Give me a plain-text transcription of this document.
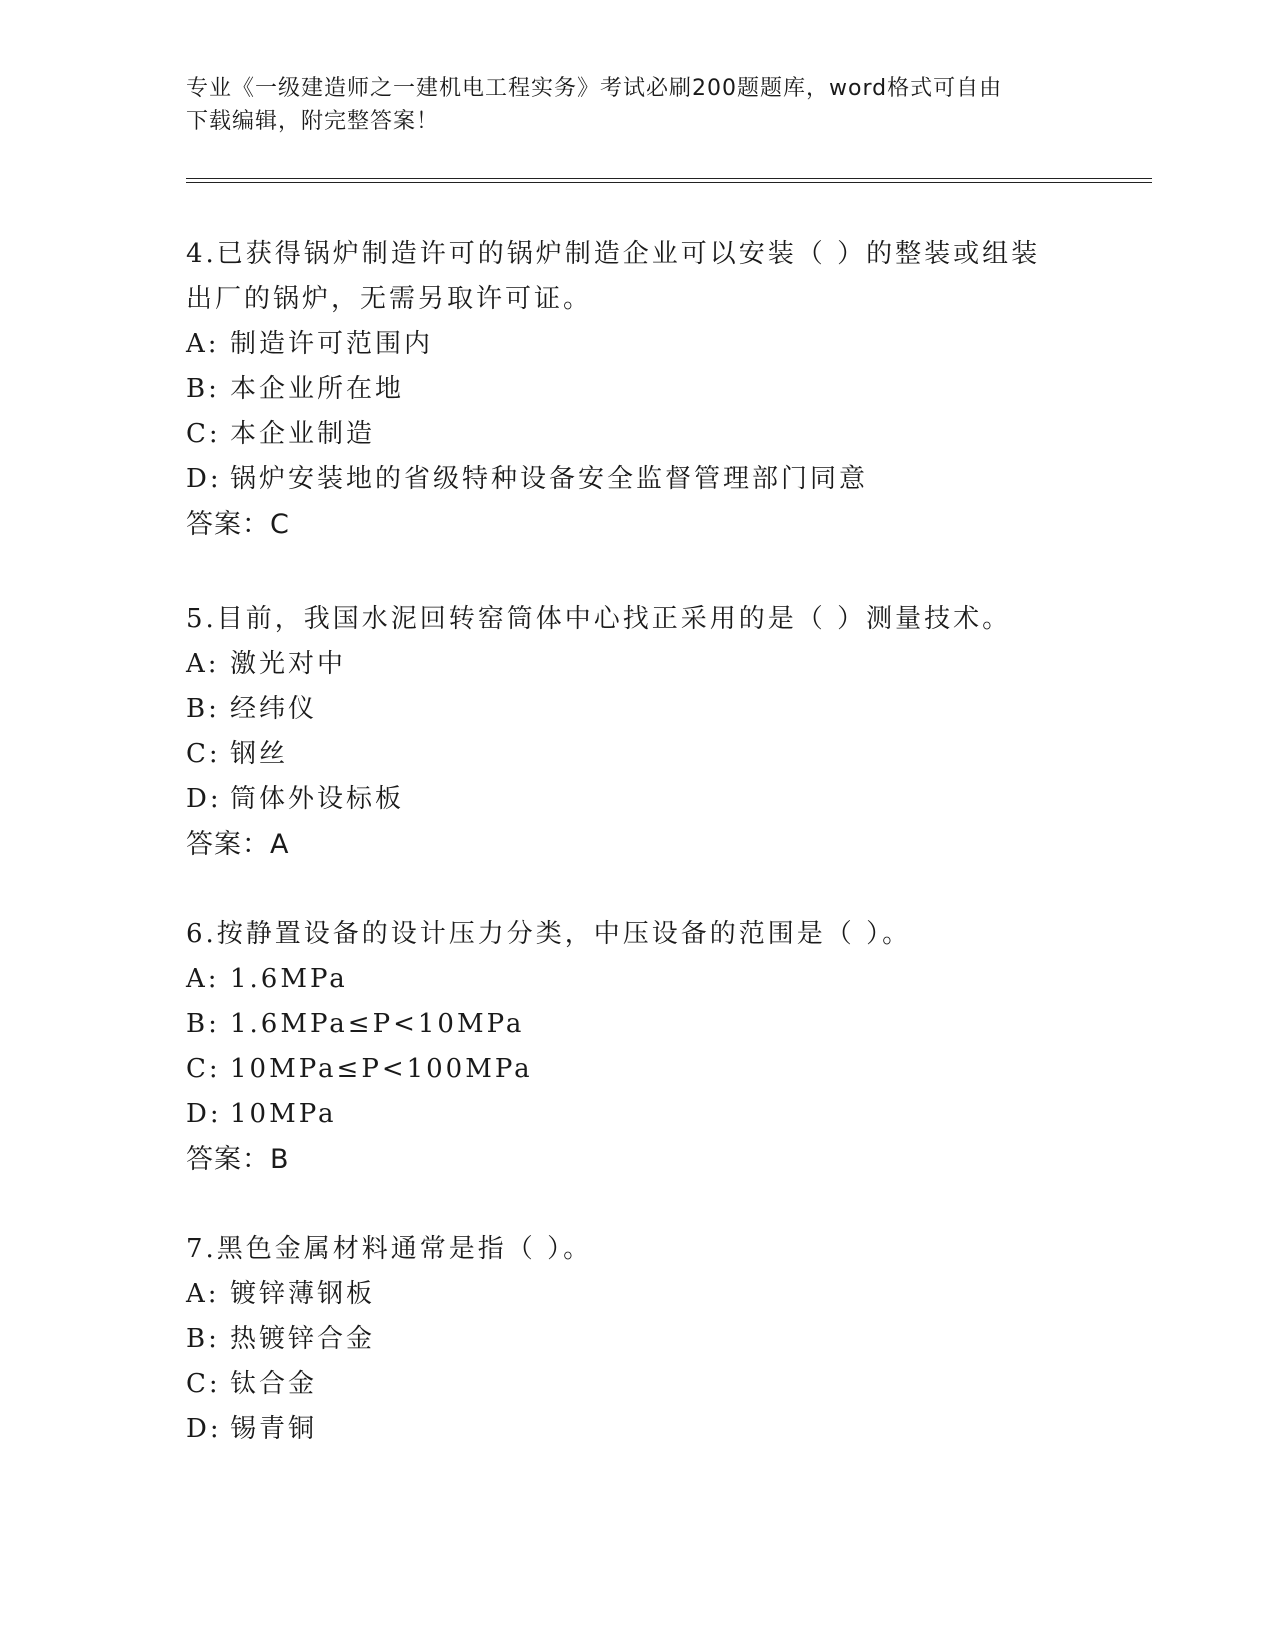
专业《一级建造师之一建机电工程实务》考试必刷200题题库，word格式可自由
下载编辑，附完整答案！

4.已获得锅炉制造许可的锅炉制造企业可以安装（ ）的整装或组装

出厂的锅炉，无需另取许可证。

A: 制造许可范围内

B: 本企业所在地

C: 本企业制造

D: 锅炉安装地的省级特种设备安全监督管理部门同意

答案：C

5.目前，我国水泥回转窑筒体中心找正采用的是（ ）测量技术。

A: 激光对中

B: 经纬仪

C: 钢丝

D: 筒体外设标板

答案：A

6.按静置设备的设计压力分类，中压设备的范围是（ ）。

A: 1.6MPa

B: 1.6MPa≤P<10MPa

C: 10MPa≤P<100MPa

D: 10MPa

答案：B

7.黑色金属材料通常是指（ ）。

A: 镀锌薄钢板

B: 热镀锌合金

C: 钛合金

D: 锡青铜
